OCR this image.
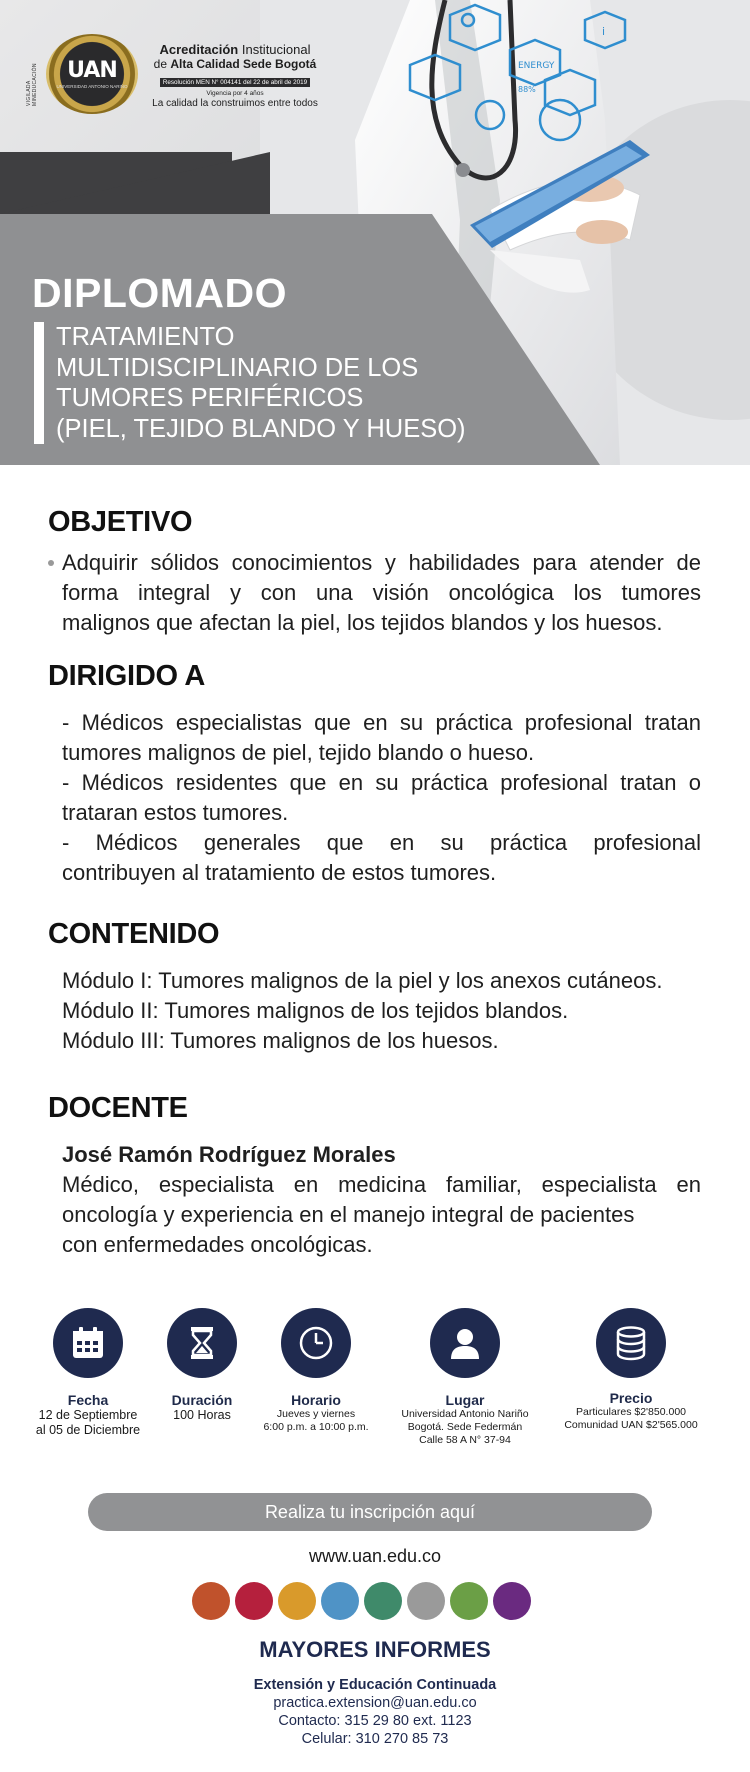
ENERGY
88%
i
VIGILADA MINEDUCACIÓN	UAN
UNIVERSIDAD ANTONIO NARIÑO
Acreditación Institucional
de Alta Calidad Sede Bogotá
Resolución MEN N° 004141 del 22 de abril de 2019
Vigencia por 4 años
La calidad la construimos entre todos
DIPLOMADO
TRATAMIENTO
MULTIDISCIPLINARIO DE LOS
TUMORES PERIFÉRICOS
(PIEL, TEJIDO BLANDO Y HUESO)
OBJETIVO
Adquirir sólidos conocimientos y habilidades para atender de
forma integral y con una visión oncológica los tumores
malignos que afectan la piel, los tejidos blandos y los huesos.
DIRIGIDO A
- Médicos especialistas que en su práctica profesional tratan
tumores malignos de piel, tejido blando o hueso.
- Médicos residentes que en su práctica profesional tratan o
trataran estos tumores.
- Médicos generales que en su práctica profesional
contribuyen al tratamiento de estos tumores.
CONTENIDO
Módulo I: Tumores malignos de la piel y los anexos cutáneos.
Módulo II: Tumores malignos de los tejidos blandos.
Módulo III: Tumores malignos de los huesos.
DOCENTE
José Ramón Rodríguez Morales
Médico, especialista en medicina familiar, especialista en
oncología y experiencia en el manejo integral de pacientes
con enfermedades oncológicas.
Fecha
12 de Septiembre
al 05 de Diciembre
Duración
100 Horas
Horario
Jueves y viernes
6:00 p.m. a 10:00 p.m.
Lugar
Universidad Antonio Nariño
Bogotá. Sede Federmán
Calle 58 A N° 37-94
Precio
Particulares $2'850.000
Comunidad UAN $2'565.000
Realiza tu inscripción aquí
www.uan.edu.co
MAYORES INFORMES
Extensión y Educación Continuada
practica.extension@uan.edu.co
Contacto: 315 29 80 ext. 1123
Celular: 310 270 85 73
